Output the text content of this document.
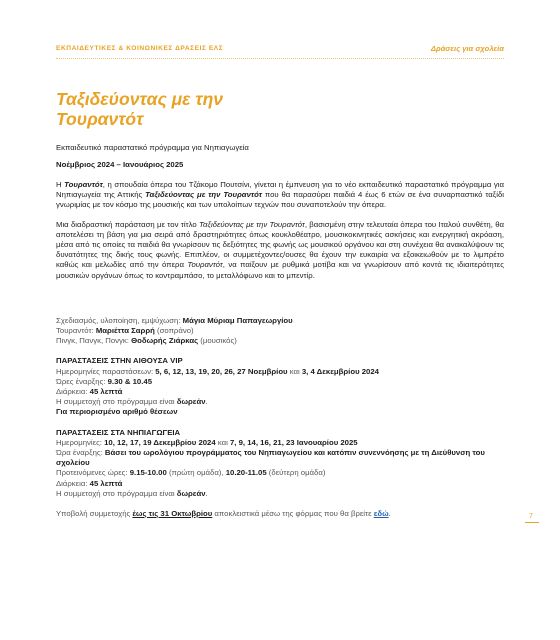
ΕΚΠΑΙΔΕΥΤΙΚΕΣ & ΚΟΙΝΩΝΙΚΕΣ ΔΡΑΣΕΙΣ ΕΛΣ	Δράσεις για σχολεία
Ταξιδεύοντας με την Τουραντότ

Εκπαιδευτικό παραστατικό πρόγραμμα για Νηπιαγωγεία

Νοέμβριος 2024 – Ιανουάριος 2025

Η Τουραντότ, η σπουδαία όπερα του Τζάκομο Πουτσίνι, γίνεται η έμπνευση για το νέο εκπαιδευτικό παραστατικό πρόγραμμα για Νηπιαγωγεία της Αττικής Ταξιδεύοντας με την Τουραντότ που θα παρασύρει παιδιά 4 έως 6 ετών σε ένα συναρπαστικό ταξίδι γνωριμίας με τον κόσμο της μουσικής και των υπολοίπων τεχνών που συναποτελούν την όπερα.

Μια διαδραστική παράσταση με τον τίτλο Ταξιδεύοντας με την Τουραντότ, βασισμένη στην τελευταία όπερα του Ιταλού συνθέτη, θα αποτελέσει τη βάση για μια σειρά από δραστηριότητες όπως κουκλοθέατρο, μουσικοκινητικές ασκήσεις και ενεργητική ακρόαση, μέσα από τις οποίες τα παιδιά θα γνωρίσουν τις δεξιότητες της φωνής ως μουσικού οργάνου και στη συνέχεια θα ανακαλύψουν τις δυνατότητες της δικής τους φωνής. Επιπλέον, οι συμμετέχοντες/ουσες θα έχουν την ευκαιρία να εξοικειωθούν με το λιμπρέτο καθώς και μελωδίες από την όπερα Τουραντότ, να παίξουν με ρυθμικά μοτίβα και να γνωρίσουν από κοντά τις ιδιαιτερότητες μουσικών οργάνων όπως το κοντραμπάσο, το μεταλλόφωνο και το μπεντίρ.

Σχεδιασμός, υλοποίηση, εμψύχωση: Μάγια Μύριαμ Παπαγεωργίου

Τουραντότ: Μαριέττα Σαρρή (σοπράνο)

Πινγκ, Πανγκ, Πονγκ: Θοδωρής Ζιάρκας (μουσικός)

ΠΑΡΑΣΤΑΣΕΙΣ ΣΤΗΝ ΑΙΘΟΥΣΑ VIP

Ημερομηνίες παραστάσεων: 5, 6, 12, 13, 19, 20, 26, 27 Νοεμβρίου και 3, 4 Δεκεμβρίου 2024

Ώρες έναρξης: 9.30 & 10.45

Διάρκεια: 45 λεπτά

Η συμμετοχή στο πρόγραμμα είναι δωρεάν.

Για περιορισμένο αριθμό θέσεων

ΠΑΡΑΣΤΑΣΕΙΣ ΣΤΑ ΝΗΠΙΑΓΩΓΕΙΑ

Ημερομηνίες: 10, 12, 17, 19 Δεκεμβρίου 2024 και 7, 9, 14, 16, 21, 23 Ιανουαρίου 2025

Ώρα έναρξης: Βάσει του ωρολόγιου προγράμματος του Νηπιαγωγείου και κατόπιν συνεννόησης με τη Διεύθυνση του σχολείου

Προτεινόμενες ώρες: 9.15-10.00 (πρώτη ομάδα), 10.20-11.05 (δεύτερη ομάδα)

Διάρκεια: 45 λεπτά

Η συμμετοχή στο πρόγραμμα είναι δωρεάν.

Υποβολή συμμετοχής έως τις 31 Οκτωβρίου αποκλειστικά μέσω της φόρμας που θα βρείτε εδώ.	7
